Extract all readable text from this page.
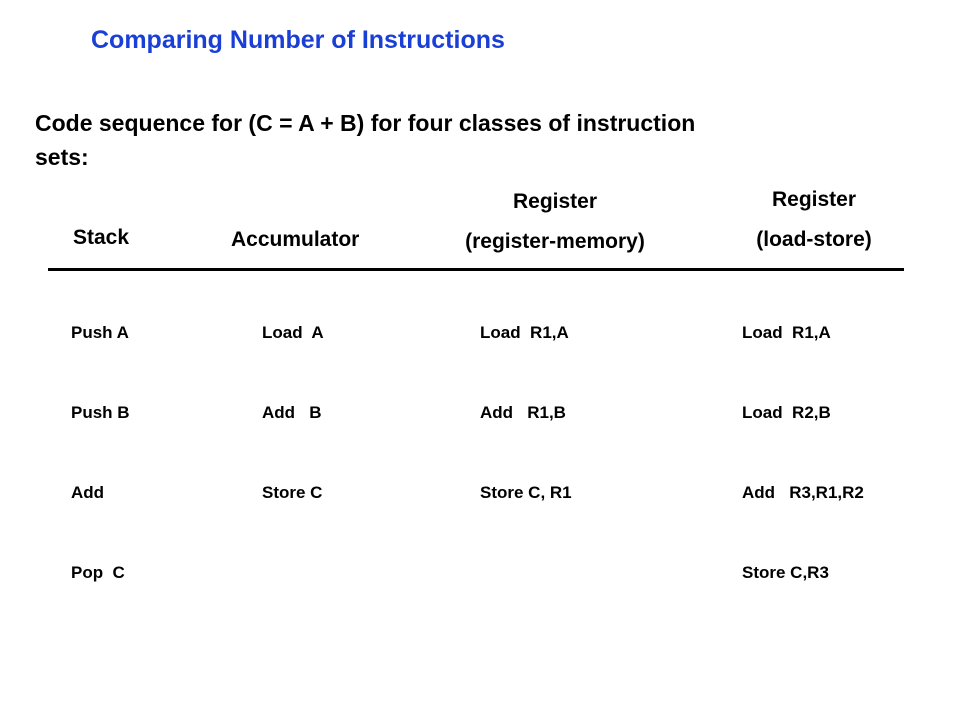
Comparing Number of Instructions
Code sequence for (C = A + B) for four classes of instruction sets:
Stack	Accumulator
Register
(register-memory)
Register
(load-store)

Push A

Push B

Add

Pop  C

Load  A

Add   B

Store C

Load  R1,A

Add   R1,B

Store C, R1

Load  R1,A

Load  R2,B

Add   R3,R1,R2

Store C,R3
